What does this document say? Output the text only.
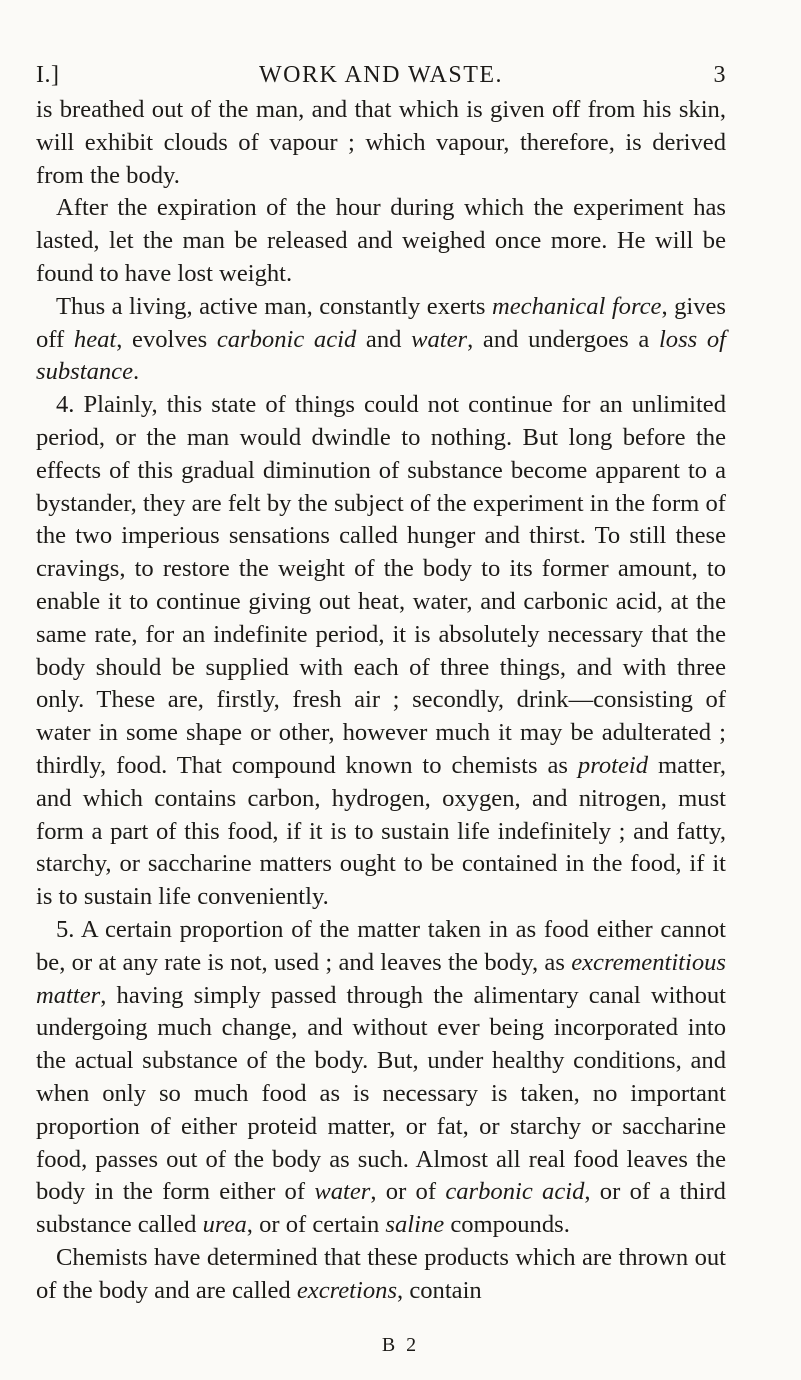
I.]	WORK AND WASTE.	3

is breathed out of the man, and that which is given off from his skin, will exhibit clouds of vapour ; which vapour, therefore, is derived from the body.

After the expiration of the hour during which the experiment has lasted, let the man be released and weighed once more. He will be found to have lost weight.

Thus a living, active man, constantly exerts mechanical force, gives off heat, evolves carbonic acid and water, and undergoes a loss of substance.

4. Plainly, this state of things could not continue for an unlimited period, or the man would dwindle to nothing. But long before the effects of this gradual diminution of substance become apparent to a bystander, they are felt by the subject of the experiment in the form of the two imperious sensations called hunger and thirst. To still these cravings, to restore the weight of the body to its former amount, to enable it to continue giving out heat, water, and carbonic acid, at the same rate, for an indefinite period, it is absolutely necessary that the body should be supplied with each of three things, and with three only. These are, firstly, fresh air ; secondly, drink—consisting of water in some shape or other, however much it may be adulterated ; thirdly, food. That compound known to chemists as proteid matter, and which contains carbon, hydrogen, oxygen, and nitrogen, must form a part of this food, if it is to sustain life indefinitely ; and fatty, starchy, or saccharine matters ought to be contained in the food, if it is to sustain life conveniently.

5. A certain proportion of the matter taken in as food either cannot be, or at any rate is not, used ; and leaves the body, as excrementitious matter, having simply passed through the alimentary canal without undergoing much change, and without ever being incorporated into the actual substance of the body. But, under healthy conditions, and when only so much food as is necessary is taken, no important proportion of either proteid matter, or fat, or starchy or saccharine food, passes out of the body as such. Almost all real food leaves the body in the form either of water, or of carbonic acid, or of a third substance called urea, or of certain saline compounds.

Chemists have determined that these products which are thrown out of the body and are called excretions, contain

B 2
